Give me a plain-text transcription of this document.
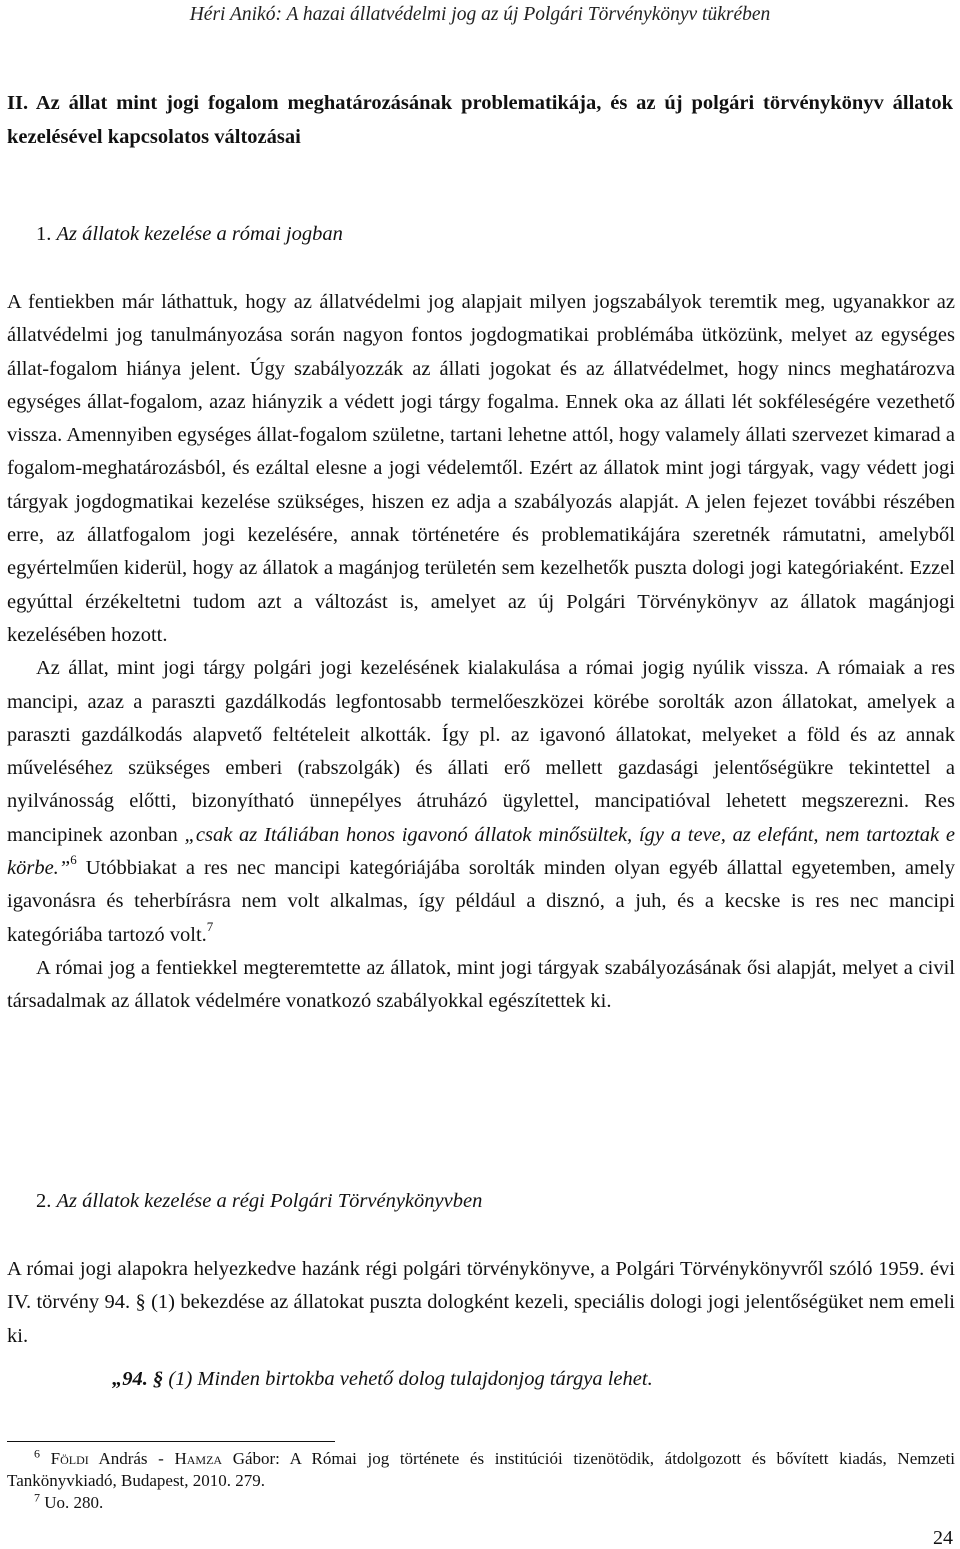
Héri Anikó: A hazai állatvédelmi jog az új Polgári Törvénykönyv tükrében
II. Az állat mint jogi fogalom meghatározásának problematikája, és az új polgári törvénykönyv állatok kezelésével kapcsolatos változásai
1. Az állatok kezelése a római jogban

A fentiekben már láthattuk, hogy az állatvédelmi jog alapjait milyen jogszabályok teremtik meg, ugyanakkor az állatvédelmi jog tanulmányozása során nagyon fontos jogdogmatikai problémába ütközünk, melyet az egységes állat-fogalom hiánya jelent. Úgy szabályozzák az állati jogokat és az állatvédelmet, hogy nincs meghatározva egységes állat-fogalom, azaz hiányzik a védett jogi tárgy fogalma. Ennek oka az állati lét sokféleségére vezethető vissza. Amennyiben egységes állat-fogalom születne, tartani lehetne attól, hogy valamely állati szervezet kimarad a fogalom-meghatározásból, és ezáltal elesne a jogi védelemtől. Ezért az állatok mint jogi tárgyak, vagy védett jogi tárgyak jogdogmatikai kezelése szükséges, hiszen ez adja a szabályozás alapját. A jelen fejezet további részében erre, az állatfogalom jogi kezelésére, annak történetére és problematikájára szeretnék rámutatni, amelyből egyértelműen kiderül, hogy az állatok a magánjog területén sem kezelhetők puszta dologi jogi kategóriaként. Ezzel egyúttal érzékeltetni tudom azt a változást is, amelyet az új Polgári Törvénykönyv az állatok magánjogi kezelésében hozott.

Az állat, mint jogi tárgy polgári jogi kezelésének kialakulása a római jogig nyúlik vissza. A rómaiak a res mancipi, azaz a paraszti gazdálkodás legfontosabb termelőeszközei körébe sorolták azon állatokat, amelyek a paraszti gazdálkodás alapvető feltételeit alkották. Így pl. az igavonó állatokat, melyeket a föld és az annak műveléséhez szükséges emberi (rabszolgák) és állati erő mellett gazdasági jelentőségükre tekintettel a nyilvánosság előtti, bizonyítható ünnepélyes átruházó ügylettel, mancipatióval lehetett megszerezni. Res mancipinek azonban „csak az Itáliában honos igavonó állatok minősültek, így a teve, az elefánt, nem tartoztak e körbe.”$^6$ Utóbbiakat a res nec mancipi kategóriájába sorolták minden olyan egyéb állattal egyetemben, amely igavonásra és teherbírásra nem volt alkalmas, így például a disznó, a juh, és a kecske is res nec mancipi kategóriába tartozó volt.$^7$

A római jog a fentiekkel megteremtette az állatok, mint jogi tárgyak szabályozásának ősi alapját, melyet a civil társadalmak az állatok védelmére vonatkozó szabályokkal egészítettek ki.

2. Az állatok kezelése a régi Polgári Törvénykönyvben

A római jogi alapokra helyezkedve hazánk régi polgári törvénykönyve, a Polgári Törvénykönyvről szóló 1959. évi IV. törvény 94. § (1) bekezdése az állatokat puszta dologként kezeli, speciális dologi jogi jelentőségüket nem emeli ki.

„94. § (1) Minden birtokba vehető dolog tulajdonjog tárgya lehet.

$^6$ Földi András - Hamza Gábor: A Római jog története és institúciói tizenötödik, átdolgozott és bővített kiadás, Nemzeti Tankönyvkiadó, Budapest, 2010. 279.

$^7$ Uo. 280.

24
